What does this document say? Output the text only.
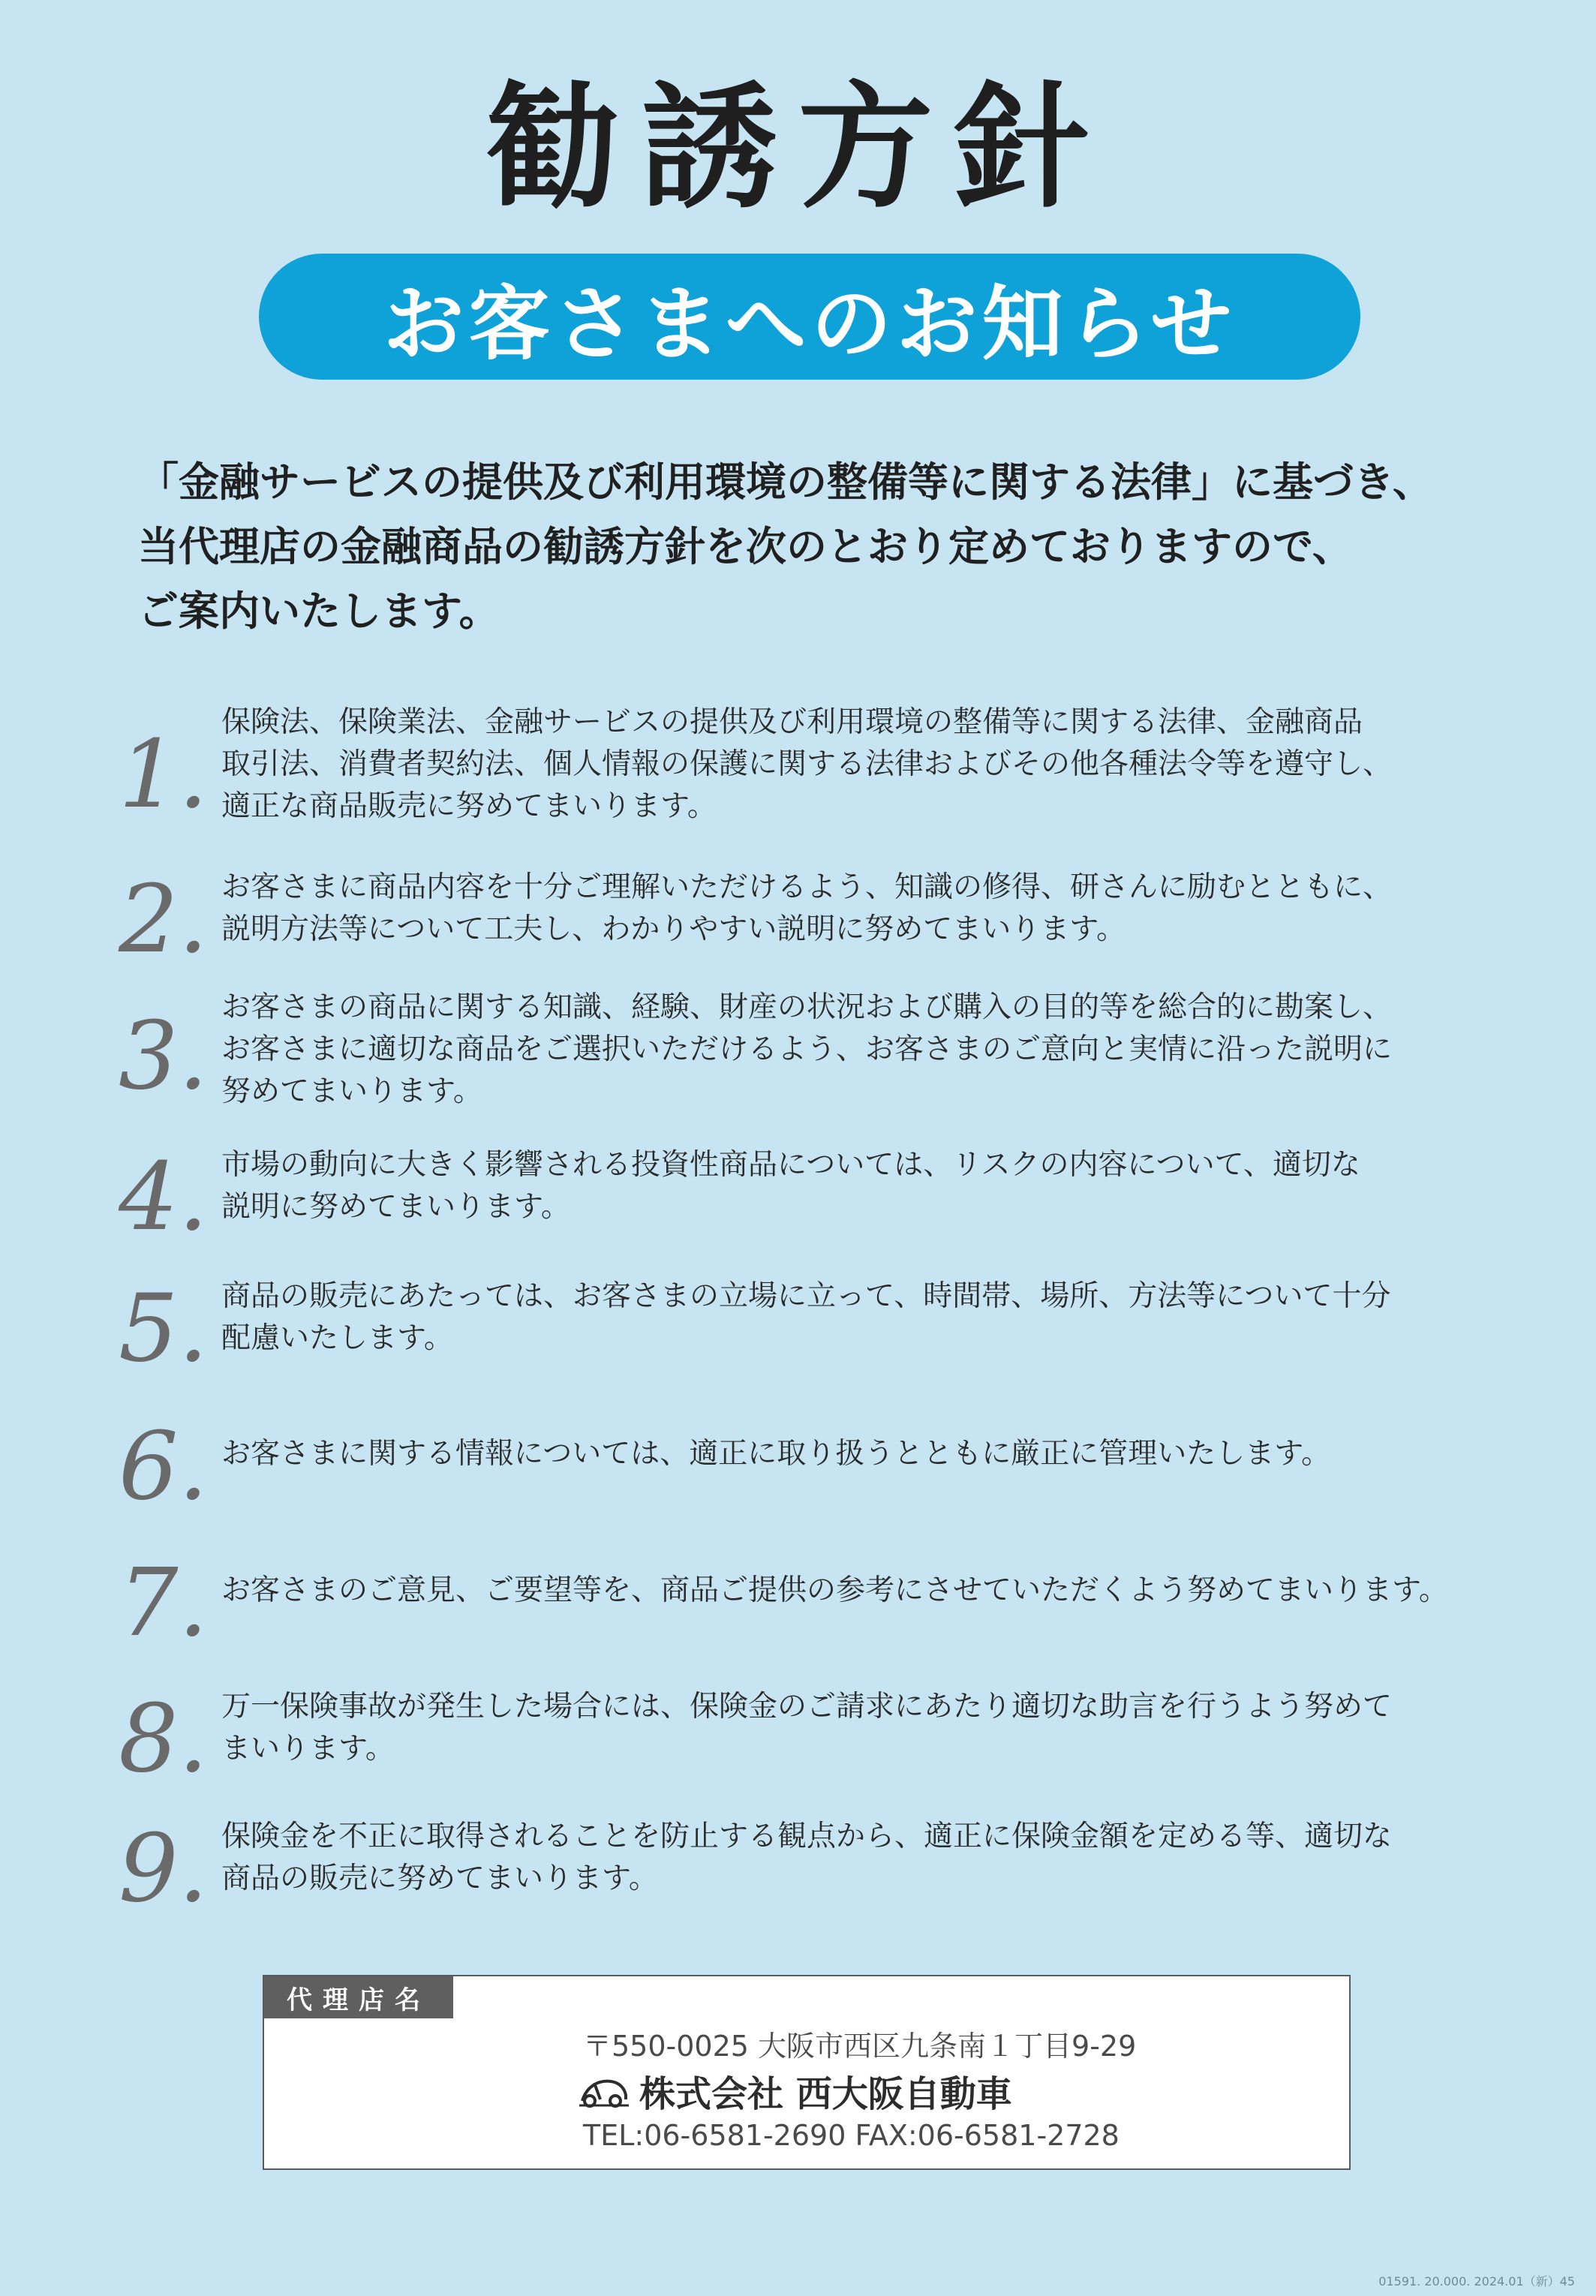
勧誘方針
お客さまへのお知らせ
「金融サービスの提供及び利用環境の整備等に関する法律」に基づき、
当代理店の金融商品の勧誘方針を次のとおり定めておりますので、
ご案内いたします。
1. 保険法、保険業法、金融サービスの提供及び利用環境の整備等に関する法律、金融商品
取引法、消費者契約法、個人情報の保護に関する法律およびその他各種法令等を遵守し、
適正な商品販売に努めてまいります。
2. お客さまに商品内容を十分ご理解いただけるよう、知識の修得、研さんに励むとともに、
説明方法等について工夫し、わかりやすい説明に努めてまいります。
3. お客さまの商品に関する知識、経験、財産の状況および購入の目的等を総合的に勘案し、
お客さまに適切な商品をご選択いただけるよう、お客さまのご意向と実情に沿った説明に
努めてまいります。
4. 市場の動向に大きく影響される投資性商品については、リスクの内容について、適切な
説明に努めてまいります。
5. 商品の販売にあたっては、お客さまの立場に立って、時間帯、場所、方法等について十分
配慮いたします。
6. お客さまに関する情報については、適正に取り扱うとともに厳正に管理いたします。
7. お客さまのご意見、ご要望等を、商品ご提供の参考にさせていただくよう努めてまいります。
8. 万一保険事故が発生した場合には、保険金のご請求にあたり適切な助言を行うよう努めて
まいります。
9. 保険金を不正に取得されることを防止する観点から、適正に保険金額を定める等、適切な
商品の販売に努めてまいります。
代理店名
〒550-0025 大阪市西区九条南１丁目9-29
株式会社 西大阪自動車
TEL:06-6581-2690 FAX:06-6581-2728
01591. 20.000. 2024.01（新）45
